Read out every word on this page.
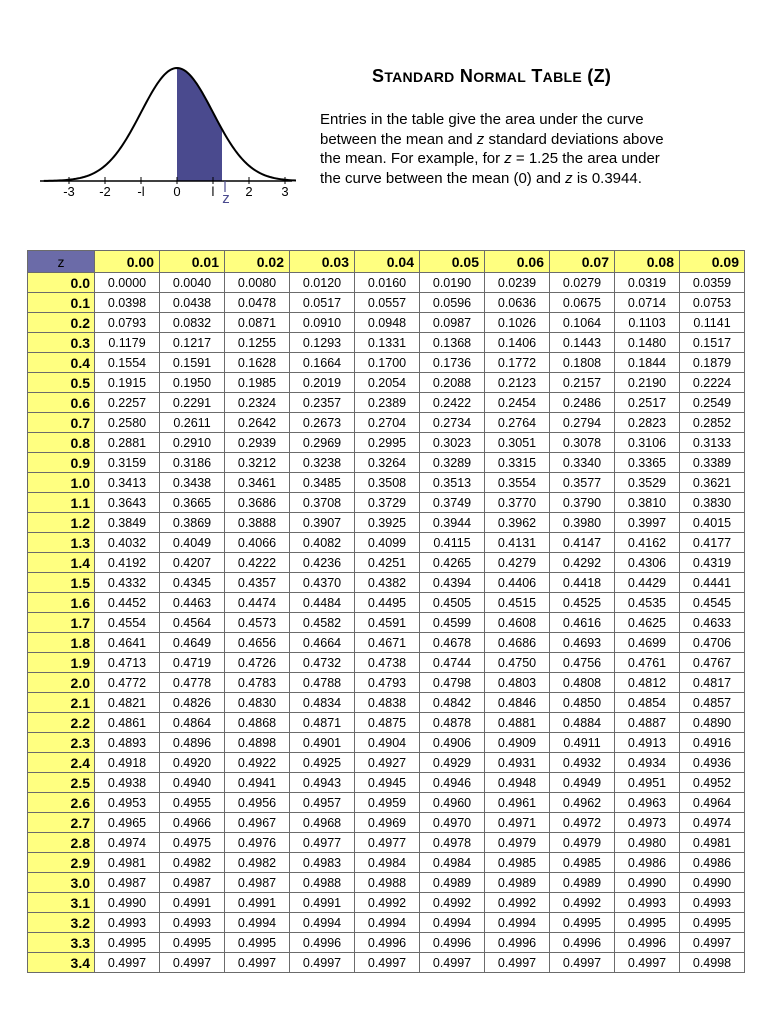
-3 -2 -l 0 l 2 3
z
STANDARD NORMAL TABLE (Z)
Entries in the table give the area under the curve
between the mean and z standard deviations above
the mean. For example, for z = 1.25 the area under
the curve between the mean (0) and z is 0.3944.
z	0.00	0.01	0.02	0.03	0.04	0.05	0.06	0.07	0.08	0.09
0.0	0.0000	0.0040	0.0080	0.0120	0.0160	0.0190	0.0239	0.0279	0.0319	0.0359
0.1	0.0398	0.0438	0.0478	0.0517	0.0557	0.0596	0.0636	0.0675	0.0714	0.0753
0.2	0.0793	0.0832	0.0871	0.0910	0.0948	0.0987	0.1026	0.1064	0.1103	0.1141
0.3	0.1179	0.1217	0.1255	0.1293	0.1331	0.1368	0.1406	0.1443	0.1480	0.1517
0.4	0.1554	0.1591	0.1628	0.1664	0.1700	0.1736	0.1772	0.1808	0.1844	0.1879
0.5	0.1915	0.1950	0.1985	0.2019	0.2054	0.2088	0.2123	0.2157	0.2190	0.2224
0.6	0.2257	0.2291	0.2324	0.2357	0.2389	0.2422	0.2454	0.2486	0.2517	0.2549
0.7	0.2580	0.2611	0.2642	0.2673	0.2704	0.2734	0.2764	0.2794	0.2823	0.2852
0.8	0.2881	0.2910	0.2939	0.2969	0.2995	0.3023	0.3051	0.3078	0.3106	0.3133
0.9	0.3159	0.3186	0.3212	0.3238	0.3264	0.3289	0.3315	0.3340	0.3365	0.3389
1.0	0.3413	0.3438	0.3461	0.3485	0.3508	0.3513	0.3554	0.3577	0.3529	0.3621
1.1	0.3643	0.3665	0.3686	0.3708	0.3729	0.3749	0.3770	0.3790	0.3810	0.3830
1.2	0.3849	0.3869	0.3888	0.3907	0.3925	0.3944	0.3962	0.3980	0.3997	0.4015
1.3	0.4032	0.4049	0.4066	0.4082	0.4099	0.4115	0.4131	0.4147	0.4162	0.4177
1.4	0.4192	0.4207	0.4222	0.4236	0.4251	0.4265	0.4279	0.4292	0.4306	0.4319
1.5	0.4332	0.4345	0.4357	0.4370	0.4382	0.4394	0.4406	0.4418	0.4429	0.4441
1.6	0.4452	0.4463	0.4474	0.4484	0.4495	0.4505	0.4515	0.4525	0.4535	0.4545
1.7	0.4554	0.4564	0.4573	0.4582	0.4591	0.4599	0.4608	0.4616	0.4625	0.4633
1.8	0.4641	0.4649	0.4656	0.4664	0.4671	0.4678	0.4686	0.4693	0.4699	0.4706
1.9	0.4713	0.4719	0.4726	0.4732	0.4738	0.4744	0.4750	0.4756	0.4761	0.4767
2.0	0.4772	0.4778	0.4783	0.4788	0.4793	0.4798	0.4803	0.4808	0.4812	0.4817
2.1	0.4821	0.4826	0.4830	0.4834	0.4838	0.4842	0.4846	0.4850	0.4854	0.4857
2.2	0.4861	0.4864	0.4868	0.4871	0.4875	0.4878	0.4881	0.4884	0.4887	0.4890
2.3	0.4893	0.4896	0.4898	0.4901	0.4904	0.4906	0.4909	0.4911	0.4913	0.4916
2.4	0.4918	0.4920	0.4922	0.4925	0.4927	0.4929	0.4931	0.4932	0.4934	0.4936
2.5	0.4938	0.4940	0.4941	0.4943	0.4945	0.4946	0.4948	0.4949	0.4951	0.4952
2.6	0.4953	0.4955	0.4956	0.4957	0.4959	0.4960	0.4961	0.4962	0.4963	0.4964
2.7	0.4965	0.4966	0.4967	0.4968	0.4969	0.4970	0.4971	0.4972	0.4973	0.4974
2.8	0.4974	0.4975	0.4976	0.4977	0.4977	0.4978	0.4979	0.4979	0.4980	0.4981
2.9	0.4981	0.4982	0.4982	0.4983	0.4984	0.4984	0.4985	0.4985	0.4986	0.4986
3.0	0.4987	0.4987	0.4987	0.4988	0.4988	0.4989	0.4989	0.4989	0.4990	0.4990
3.1	0.4990	0.4991	0.4991	0.4991	0.4992	0.4992	0.4992	0.4992	0.4993	0.4993
3.2	0.4993	0.4993	0.4994	0.4994	0.4994	0.4994	0.4994	0.4995	0.4995	0.4995
3.3	0.4995	0.4995	0.4995	0.4996	0.4996	0.4996	0.4996	0.4996	0.4996	0.4997
3.4	0.4997	0.4997	0.4997	0.4997	0.4997	0.4997	0.4997	0.4997	0.4997	0.4998
